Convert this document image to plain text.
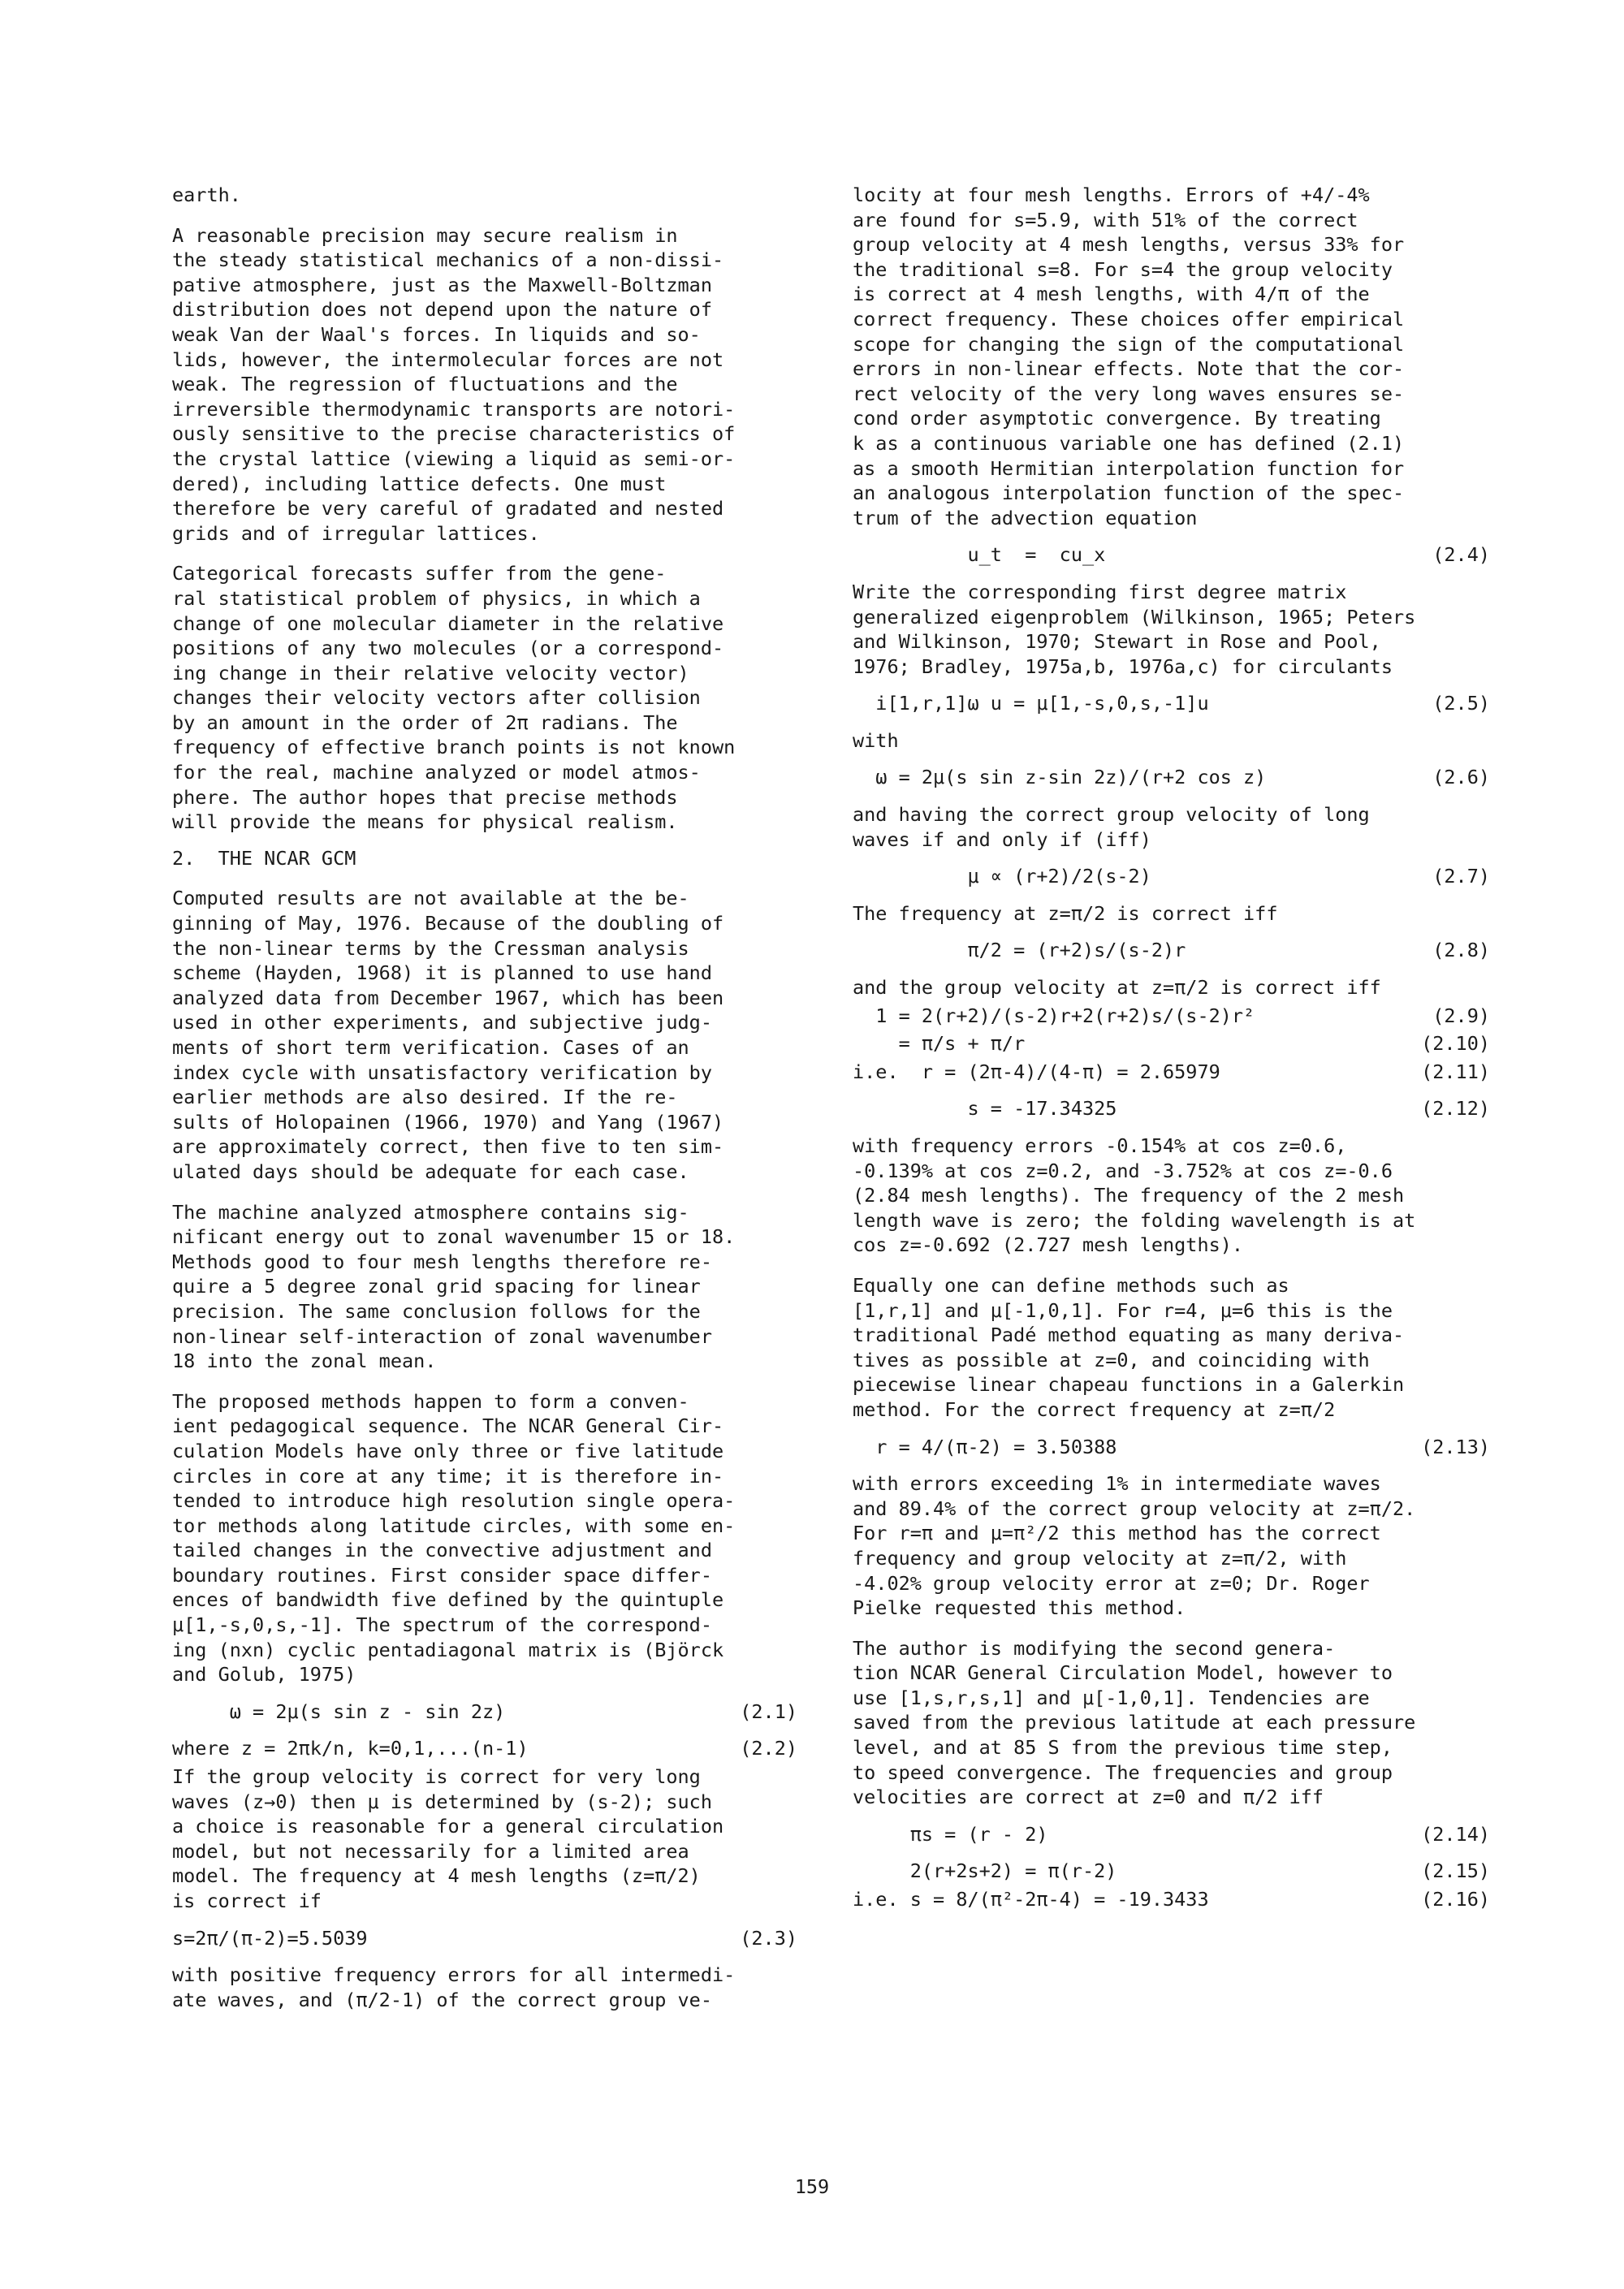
earth.

A reasonable precision may secure realism in
the steady statistical mechanics of a non-dissi-
pative atmosphere, just as the Maxwell-Boltzman
distribution does not depend upon the nature of
weak Van der Waal's forces. In liquids and so-
lids, however, the intermolecular forces are not
weak. The regression of fluctuations and the
irreversible thermodynamic transports are notori-
ously sensitive to the precise characteristics of
the crystal lattice (viewing a liquid as semi-or-
dered), including lattice defects. One must
therefore be very careful of gradated and nested
grids and of irregular lattices.

Categorical forecasts suffer from the gene-
ral statistical problem of physics, in which a
change of one molecular diameter in the relative
positions of any two molecules (or a correspond-
ing change in their relative velocity vector)
changes their velocity vectors after collision
by an amount in the order of 2π radians. The
frequency of effective branch points is not known
for the real, machine analyzed or model atmos-
phere. The author hopes that precise methods
will provide the means for physical realism.

2.  THE NCAR GCM

Computed results are not available at the be-
ginning of May, 1976. Because of the doubling of
the non-linear terms by the Cressman analysis
scheme (Hayden, 1968) it is planned to use hand
analyzed data from December 1967, which has been
used in other experiments, and subjective judg-
ments of short term verification. Cases of an
index cycle with unsatisfactory verification by
earlier methods are also desired. If the re-
sults of Holopainen (1966, 1970) and Yang (1967)
are approximately correct, then five to ten sim-
ulated days should be adequate for each case.

The machine analyzed atmosphere contains sig-
nificant energy out to zonal wavenumber 15 or 18.
Methods good to four mesh lengths therefore re-
quire a 5 degree zonal grid spacing for linear
precision. The same conclusion follows for the
non-linear self-interaction of zonal wavenumber
18 into the zonal mean.

The proposed methods happen to form a conven-
ient pedagogical sequence. The NCAR General Cir-
culation Models have only three or five latitude
circles in core at any time; it is therefore in-
tended to introduce high resolution single opera-
tor methods along latitude circles, with some en-
tailed changes in the convective adjustment and
boundary routines. First consider space differ-
ences of bandwidth five defined by the quintuple
μ[1,-s,0,s,-1]. The spectrum of the correspond-
ing (nxn) cyclic pentadiagonal matrix is (Björck
and Golub, 1975)

ω = 2μ(s sin z - sin 2z)	(2.1)
where z = 2πk/n, k=0,1,...(n-1)	(2.2)

If the group velocity is correct for very long
waves (z→0) then μ is determined by (s-2); such
a choice is reasonable for a general circulation
model, but not necessarily for a limited area
model. The frequency at 4 mesh lengths (z=π/2)
is correct if

s=2π/(π-2)=5.5039	(2.3)

with positive frequency errors for all intermedi-
ate waves, and (π/2-1) of the correct group ve-

locity at four mesh lengths. Errors of +4/-4%
are found for s=5.9, with 51% of the correct
group velocity at 4 mesh lengths, versus 33% for
the traditional s=8. For s=4 the group velocity
is correct at 4 mesh lengths, with 4/π of the
correct frequency. These choices offer empirical
scope for changing the sign of the computational
errors in non-linear effects. Note that the cor-
rect velocity of the very long waves ensures se-
cond order asymptotic convergence. By treating
k as a continuous variable one has defined (2.1)
as a smooth Hermitian interpolation function for
an analogous interpolation function of the spec-
trum of the advection equation

u_t  =  cu_x	(2.4)

Write the corresponding first degree matrix
generalized eigenproblem (Wilkinson, 1965; Peters
and Wilkinson, 1970; Stewart in Rose and Pool,
1976; Bradley, 1975a,b, 1976a,c) for circulants

i[1,r,1]ω u = μ[1,-s,0,s,-1]u	(2.5)

with

ω = 2μ(s sin z-sin 2z)/(r+2 cos z)	(2.6)

and having the correct group velocity of long
waves if and only if (iff)

μ ∝ (r+2)/2(s-2)	(2.7)

The frequency at z=π/2 is correct iff

π/2 = (r+2)s/(s-2)r	(2.8)

and the group velocity at z=π/2 is correct iff

1 = 2(r+2)/(s-2)r+2(r+2)s/(s-2)r²	(2.9)
= π/s + π/r	(2.10)
i.e.  r = (2π-4)/(4-π) = 2.65979	(2.11)
s = -17.34325	(2.12)

with frequency errors -0.154% at cos z=0.6,
-0.139% at cos z=0.2, and -3.752% at cos z=-0.6
(2.84 mesh lengths). The frequency of the 2 mesh
length wave is zero; the folding wavelength is at
cos z=-0.692 (2.727 mesh lengths).

Equally one can define methods such as
[1,r,1] and μ[-1,0,1]. For r=4, μ=6 this is the
traditional Padé method equating as many deriva-
tives as possible at z=0, and coinciding with
piecewise linear chapeau functions in a Galerkin
method. For the correct frequency at z=π/2

r = 4/(π-2) = 3.50388	(2.13)

with errors exceeding 1% in intermediate waves
and 89.4% of the correct group velocity at z=π/2.
For r=π and μ=π²/2 this method has the correct
frequency and group velocity at z=π/2, with
-4.02% group velocity error at z=0; Dr. Roger
Pielke requested this method.

The author is modifying the second genera-
tion NCAR General Circulation Model, however to
use [1,s,r,s,1] and μ[-1,0,1]. Tendencies are
saved from the previous latitude at each pressure
level, and at 85 S from the previous time step,
to speed convergence. The frequencies and group
velocities are correct at z=0 and π/2 iff

πs = (r - 2)	(2.14)
2(r+2s+2) = π(r-2)	(2.15)
i.e. s = 8/(π²-2π-4) = -19.3433	(2.16)
159
